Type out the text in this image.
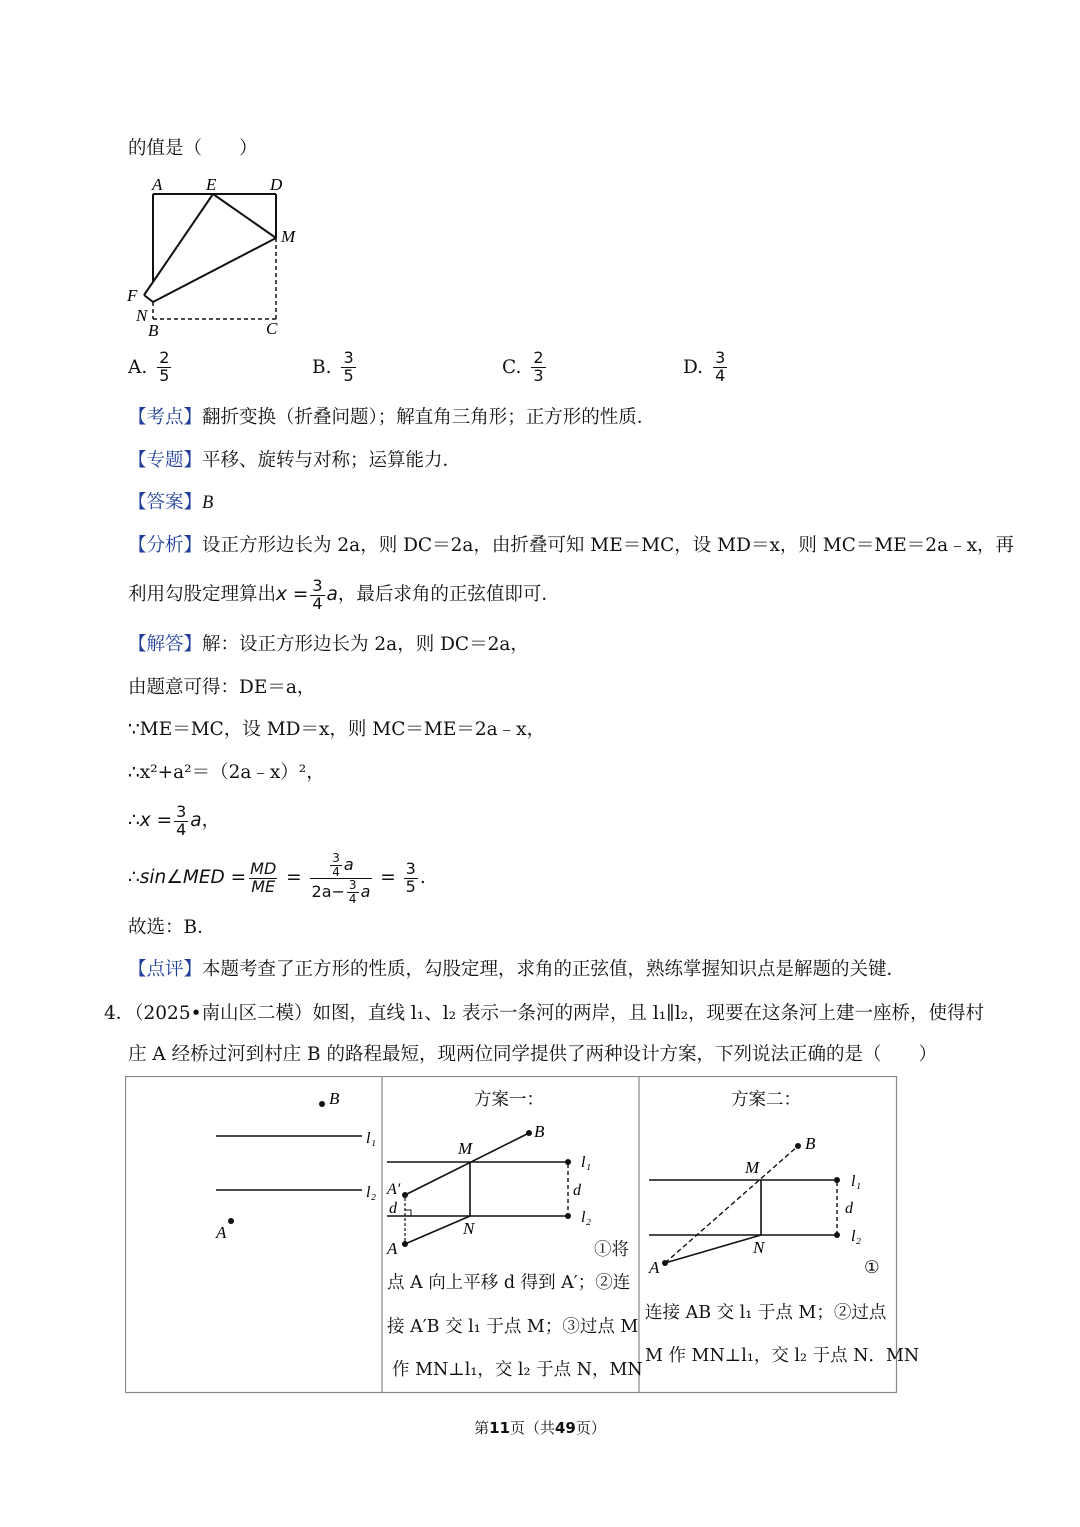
的值是（　　）
A	E	D
M
F
N
B	C
A. $\frac{2}{5}$	B. $\frac{3}{5}$	C. $\frac{2}{3}$	D. $\frac{3}{4}$
【考点】翻折变换（折叠问题）；解直角三角形；正方形的性质．
【专题】平移、旋转与对称；运算能力．
【答案】B
【分析】设正方形边长为 2a，则 DC＝2a，由折叠可知 ME＝MC，设 MD＝x，则 MC＝ME＝2a﹣x，再
利用勾股定理算出 $x = \frac{3}{4}$ a ，最后求角的正弦值即可．
【解答】解：设正方形边长为 2a，则 DC＝2a，
由题意可得：DE＝a，
∵ME＝MC，设 MD＝x，则 MC＝ME＝2a﹣x，
∴x²+a²＝（2a﹣x）²，
∴x = $\frac{3}{4}$ a ，
∴sin∠MED = $\frac{MD}{ME} = \frac{\frac{3}{4} a}{2a- \frac{3}{4} a} = \frac{3}{5}$ .
故选：B．
【点评】本题考查了正方形的性质，勾股定理，求角的正弦值，熟练掌握知识点是解题的关键．
4．（2025•南山区二模）如图，直线 l₁、l₂ 表示一条河的两岸，且 l₁∥l₂，现要在这条河上建一座桥，使得村
庄 A 经桥过河到村庄 B 的路程最短，现两位同学提供了两种设计方案，下列说法正确的是（　　）
B
l₁
l₂
A
方案一：
l₁
l₂
d
B
A′
M
N
A
d
①将
点 A 向上平移 d 得到 A′；②连
接 A′B 交 l₁ 于点 M；③过点 M
作 MN⊥l₁，交 l₂ 于点 N，MN
方案二：
l₁
l₂
d
B
M
N
A	①
连接 AB 交 l₁ 于点 M；②过点
M 作 MN⊥l₁，交 l₂ 于点 N．MN
第11页（共49页）
